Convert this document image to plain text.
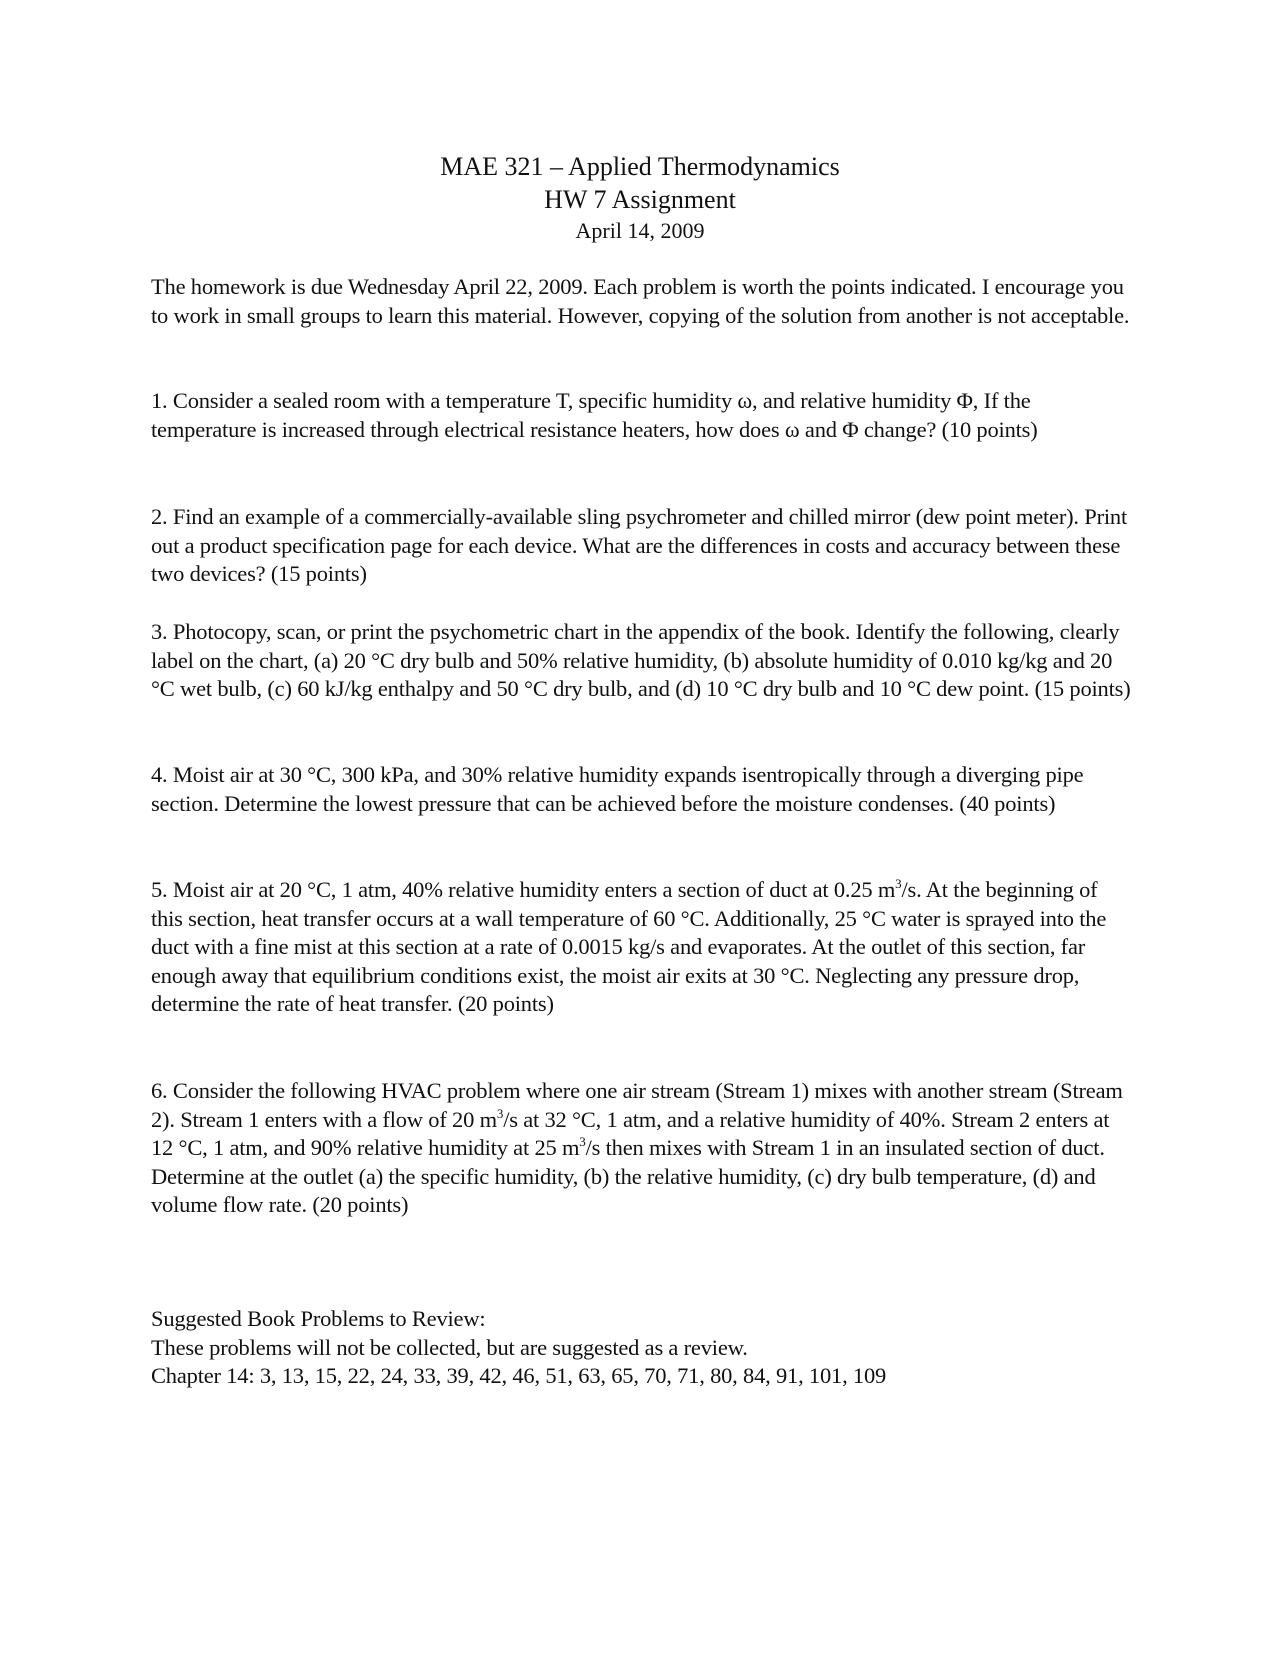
MAE 321 – Applied Thermodynamics
HW 7 Assignment
April 14, 2009

The homework is due Wednesday April 22, 2009. Each problem is worth the points indicated. I encourage you to work in small groups to learn this material. However, copying of the solution from another is not acceptable.

1. Consider a sealed room with a temperature T, specific humidity ω, and relative humidity Φ, If the temperature is increased through electrical resistance heaters, how does ω and Φ change? (10 points)

2. Find an example of a commercially-available sling psychrometer and chilled mirror (dew point meter). Print out a product specification page for each device. What are the differences in costs and accuracy between these two devices? (15 points)

3. Photocopy, scan, or print the psychometric chart in the appendix of the book. Identify the following, clearly label on the chart, (a) 20 °C dry bulb and 50% relative humidity, (b) absolute humidity of 0.010 kg/kg and 20 °C wet bulb, (c) 60 kJ/kg enthalpy and 50 °C dry bulb, and (d) 10 °C dry bulb and 10 °C dew point. (15 points)

4. Moist air at 30 °C, 300 kPa, and 30% relative humidity expands isentropically through a diverging pipe section. Determine the lowest pressure that can be achieved before the moisture condenses. (40 points)

5. Moist air at 20 °C, 1 atm, 40% relative humidity enters a section of duct at 0.25 $m^3/s$. At the beginning of this section, heat transfer occurs at a wall temperature of 60 °C. Additionally, 25 °C water is sprayed into the duct with a fine mist at this section at a rate of 0.0015 kg/s and evaporates. At the outlet of this section, far enough away that equilibrium conditions exist, the moist air exits at 30 °C. Neglecting any pressure drop, determine the rate of heat transfer. (20 points)

6. Consider the following HVAC problem where one air stream (Stream 1) mixes with another stream (Stream 2). Stream 1 enters with a flow of 20 $m^3/s$ at 32 °C, 1 atm, and a relative humidity of 40%. Stream 2 enters at 12 °C, 1 atm, and 90% relative humidity at 25 $m^3/s$ then mixes with Stream 1 in an insulated section of duct. Determine at the outlet (a) the specific humidity, (b) the relative humidity, (c) dry bulb temperature, (d) and volume flow rate. (20 points)

Suggested Book Problems to Review:
These problems will not be collected, but are suggested as a review.
Chapter 14: 3, 13, 15, 22, 24, 33, 39, 42, 46, 51, 63, 65, 70, 71, 80, 84, 91, 101, 109
